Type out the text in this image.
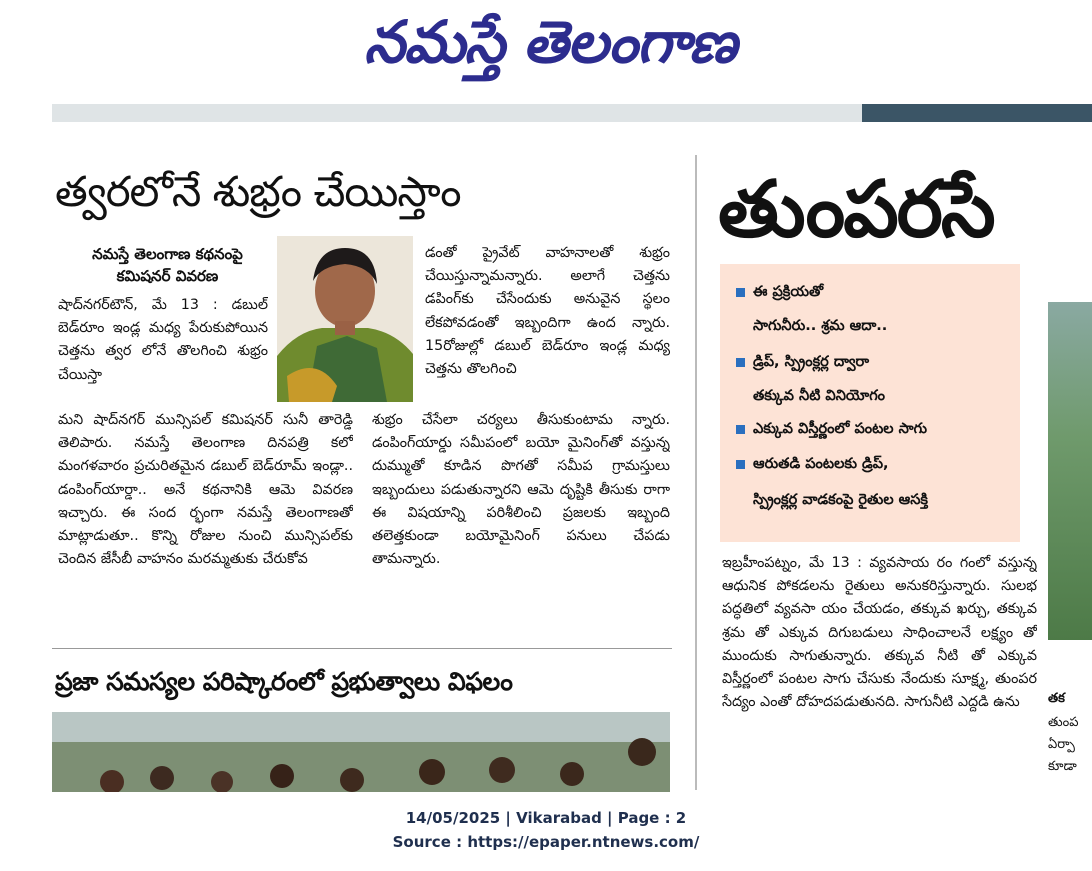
నమస్తే తెలంగాణ
త్వరలోనే శుభ్రం చేయిస్తాం
నమస్తే తెలంగాణ కథనంపై
కమిషనర్ వివరణ
షాద్‌నగర్‌టౌన్, మే 13 : డబుల్ బెడ్‌రూం ఇండ్ల మధ్య పేరుకుపోయిన చెత్తను త్వర లోనే తొలగించి శుభ్రం చేయిస్తా
డంతో ప్రైవేట్ వాహనాలతో శుభ్రం చేయిస్తున్నామన్నారు. అలాగే చెత్తను డపింగ్‌కు చేసేందుకు అనువైన స్థలం లేకపోవడంతో ఇబ్బందిగా ఉంద న్నారు. 15రోజుల్లో డబుల్ బెడ్‌రూం ఇండ్ల మధ్య చెత్తను తొలగించి
మని షాద్‌నగర్ మున్సిపల్ కమిషనర్ సునీ తారెడ్డి తెలిపారు. నమస్తే తెలంగాణ దినపత్రి కలో మంగళవారం ప్రచురితమైన డబుల్ బెడ్‌రూమ్ ఇండ్లా.. డంపింగ్‌యార్డా.. అనే కథనానికి ఆమె వివరణ ఇచ్చారు. ఈ సంద ర్భంగా నమస్తే తెలంగాణతో మాట్లాడుతూ.. కొన్ని రోజుల నుంచి మున్సిపల్‌కు చెందిన జేసీబీ వాహనం మరమ్మతుకు చేరుకోవ
శుభ్రం చేసేలా చర్యలు తీసుకుంటామ న్నారు. డంపింగ్‌యార్డు సమీపంలో బయో మైనింగ్‌తో వస్తున్న దుమ్ముతో కూడిన పొగతో సమీప గ్రామస్తులు ఇబ్బందులు పడుతున్నారని ఆమె దృష్టికి తీసుకు రాగా ఈ విషయాన్ని పరిశీలించి ప్రజలకు ఇబ్బంది తలెత్తకుండా బయోమైనింగ్ పనులు చేపడు తామన్నారు.
ప్రజా సమస్యల పరిష్కారంలో ప్రభుత్వాలు విఫలం
తుంపరసే
ఈ ప్రక్రియతో
సాగునీరు.. శ్రమ ఆదా..
డ్రిప్, స్ప్రింక్లర్ల ద్వారా
తక్కువ నీటి వినియోగం
ఎక్కువ విస్తీర్ణంలో పంటల సాగు
ఆరుతడి పంటలకు డ్రిప్,
స్ప్రింక్లర్ల వాడకంపై రైతుల ఆసక్తి
ఇబ్రహీంపట్నం, మే 13 : వ్యవసాయ రం గంలో వస్తున్న ఆధునిక పోకడలను రైతులు అనుకరిస్తున్నారు. సులభ పద్ధతిలో వ్యవసా యం చేయడం, తక్కువ ఖర్చు, తక్కువ శ్రమ తో ఎక్కువ దిగుబడులు సాధించాలనే లక్ష్యం తో ముందుకు సాగుతున్నారు. తక్కువ నీటి తో ఎక్కువ విస్తీర్ణంలో పంటల సాగు చేసుకు నేందుకు సూక్ష్మ, తుంపర సేద్యం ఎంతో దోహదపడుతునది. సాగునీటి ఎద్దడి ఉను	తక
తుంప ఏర్పా కూడా
14/05/2025 | Vikarabad | Page : 2
Source : https://epaper.ntnews.com/
